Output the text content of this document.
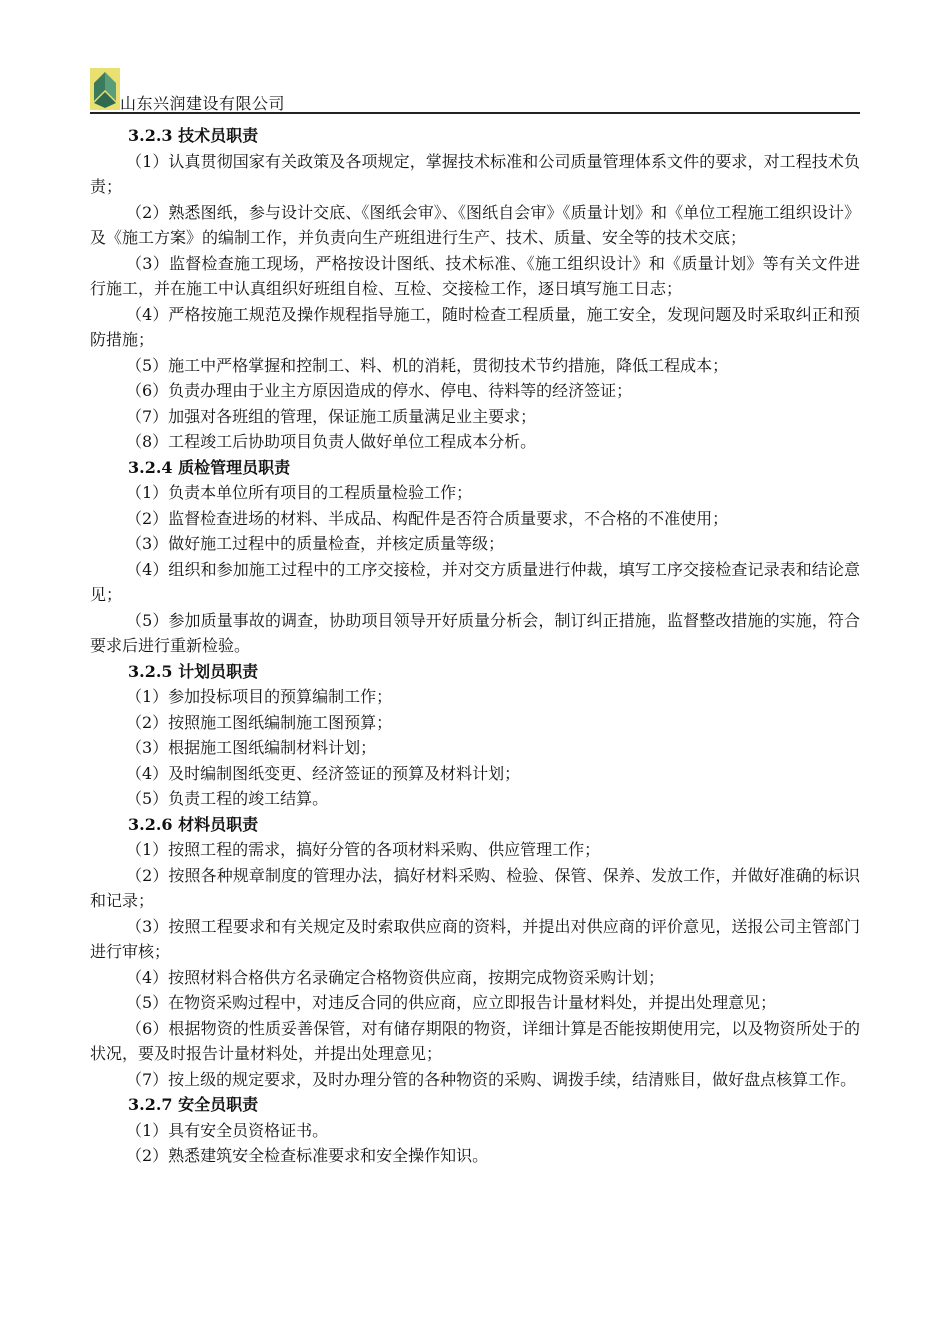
山东兴润建设有限公司

3.2.3 技术员职责

（1）认真贯彻国家有关政策及各项规定，掌握技术标准和公司质量管理体系文件的要求，对工程技术负责；

（2）熟悉图纸，参与设计交底、《图纸会审》、《图纸自会审》《质量计划》和《单位工程施工组织设计》及《施工方案》的编制工作，并负责向生产班组进行生产、技术、质量、安全等的技术交底；

（3）监督检查施工现场，严格按设计图纸、技术标准、《施工组织设计》和《质量计划》等有关文件进行施工，并在施工中认真组织好班组自检、互检、交接检工作，逐日填写施工日志；

（4）严格按施工规范及操作规程指导施工，随时检查工程质量，施工安全，发现问题及时采取纠正和预防措施；

（5）施工中严格掌握和控制工、料、机的消耗，贯彻技术节约措施，降低工程成本；

（6）负责办理由于业主方原因造成的停水、停电、待料等的经济签证；

（7）加强对各班组的管理，保证施工质量满足业主要求；

（8）工程竣工后协助项目负责人做好单位工程成本分析。

3.2.4 质检管理员职责

（1）负责本单位所有项目的工程质量检验工作；

（2）监督检查进场的材料、半成品、构配件是否符合质量要求，不合格的不准使用；

（3）做好施工过程中的质量检查，并核定质量等级；

（4）组织和参加施工过程中的工序交接检，并对交方质量进行仲裁，填写工序交接检查记录表和结论意见；

（5）参加质量事故的调查，协助项目领导开好质量分析会，制订纠正措施，监督整改措施的实施，符合要求后进行重新检验。

3.2.5 计划员职责

（1）参加投标项目的预算编制工作；

（2）按照施工图纸编制施工图预算；

（3）根据施工图纸编制材料计划；

（4）及时编制图纸变更、经济签证的预算及材料计划；

（5）负责工程的竣工结算。

3.2.6 材料员职责

（1）按照工程的需求，搞好分管的各项材料采购、供应管理工作；

（2）按照各种规章制度的管理办法，搞好材料采购、检验、保管、保养、发放工作，并做好准确的标识和记录；

（3）按照工程要求和有关规定及时索取供应商的资料，并提出对供应商的评价意见，送报公司主管部门进行审核；

（4）按照材料合格供方名录确定合格物资供应商，按期完成物资采购计划；

（5）在物资采购过程中，对违反合同的供应商，应立即报告计量材料处，并提出处理意见；

（6）根据物资的性质妥善保管，对有储存期限的物资，详细计算是否能按期使用完，以及物资所处于的状况，要及时报告计量材料处，并提出处理意见；

（7）按上级的规定要求，及时办理分管的各种物资的采购、调拨手续，结清账目，做好盘点核算工作。

3.2.7 安全员职责

（1）具有安全员资格证书。

（2）熟悉建筑安全检查标准要求和安全操作知识。
